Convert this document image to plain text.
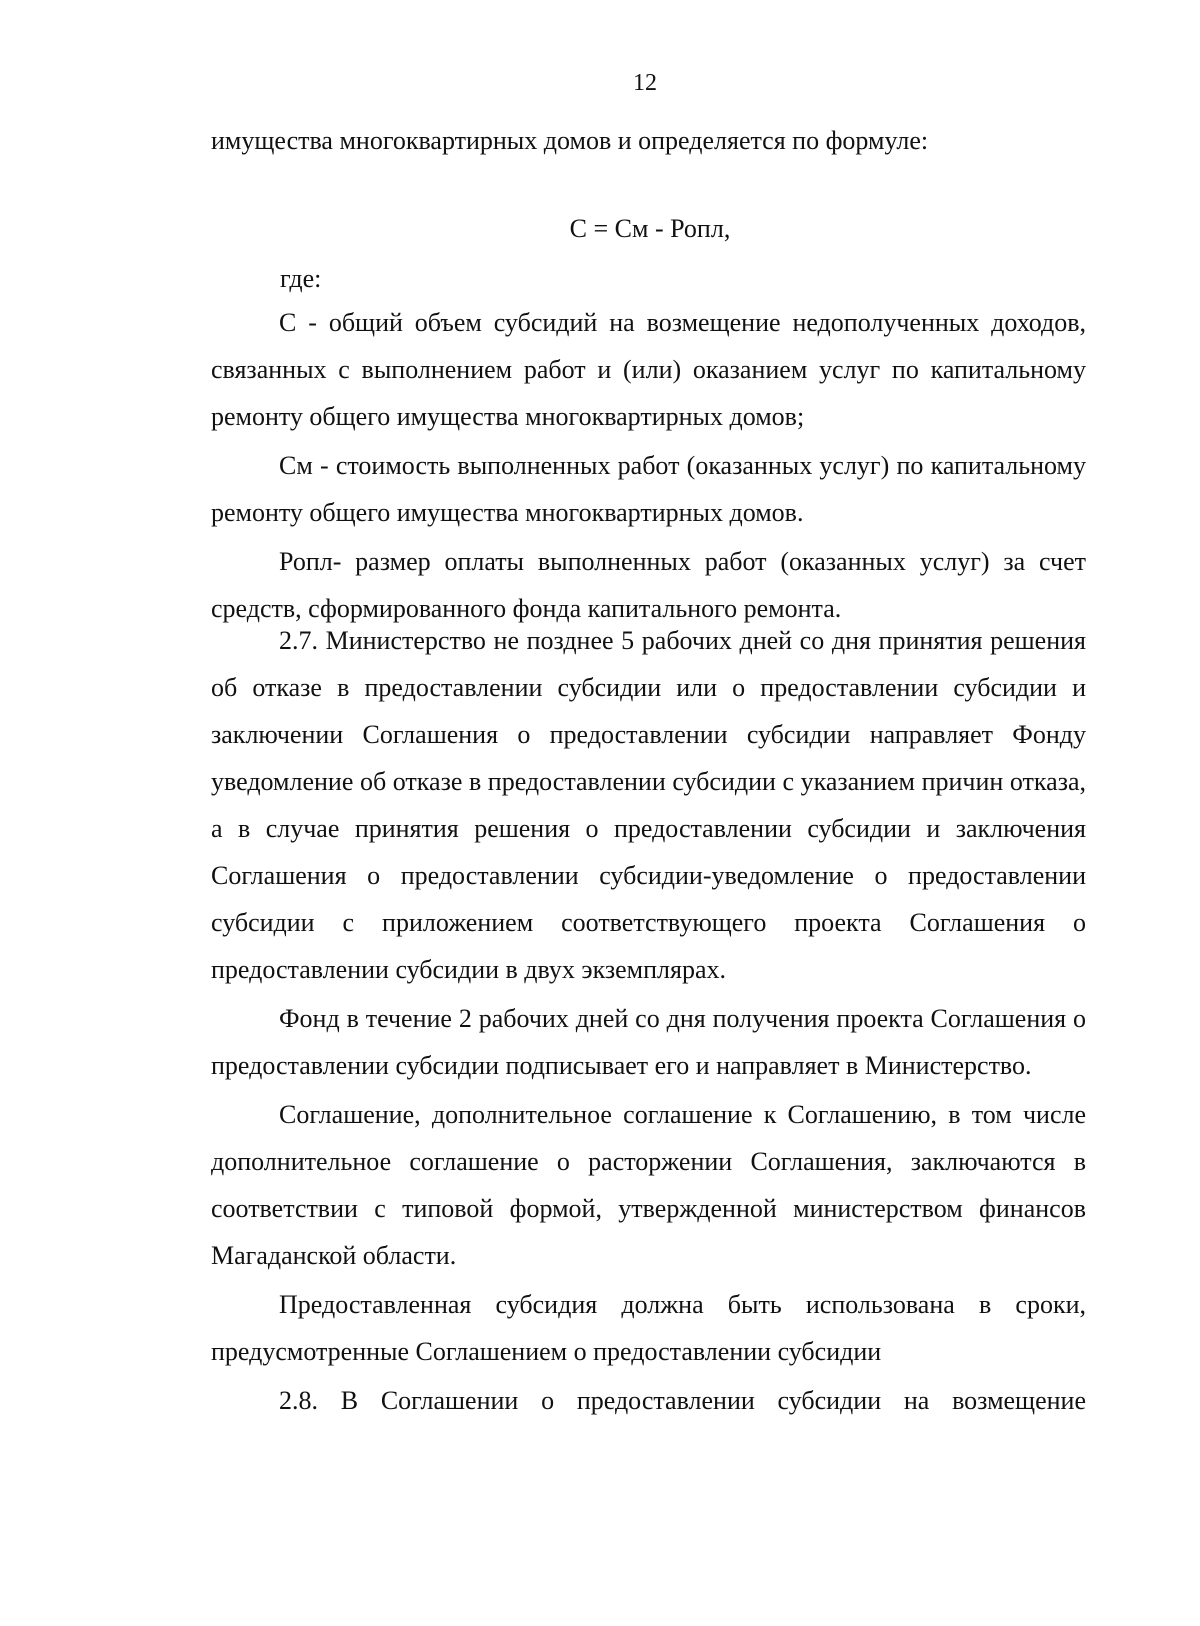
12

имущества многоквартирных домов и определяется по формуле:

С = См - Ропл,
где:

С - общий объем субсидий на возмещение недополученных доходов, связанных с выполнением работ и (или) оказанием услуг по капитальному ремонту общего имущества многоквартирных домов;

См - стоимость выполненных работ (оказанных услуг) по капитальному ремонту общего имущества многоквартирных домов.

Ропл- размер оплаты выполненных работ (оказанных услуг) за счет средств, сформированного фонда капитального ремонта.

2.7. Министерство не позднее 5 рабочих дней со дня принятия решения об отказе в предоставлении субсидии или о предоставлении субсидии и заключении Соглашения о предоставлении субсидии направляет Фонду уведомление об отказе в предоставлении субсидии с указанием причин отказа, а в случае принятия решения о предоставлении субсидии и заключения Соглашения о предоставлении субсидии-уведомление о предоставлении субсидии с приложением соответствующего проекта Соглашения о предоставлении субсидии в двух экземплярах.

Фонд в течение 2 рабочих дней со дня получения проекта Соглашения о предоставлении субсидии подписывает его и направляет в Министерство.

Соглашение, дополнительное соглашение к Соглашению, в том числе дополнительное соглашение о расторжении Соглашения, заключаются в соответствии с типовой формой, утвержденной министерством финансов Магаданской области.

Предоставленная субсидия должна быть использована в сроки, предусмотренные Соглашением о предоставлении субсидии

2.8. В Соглашении о предоставлении субсидии на возмещение
